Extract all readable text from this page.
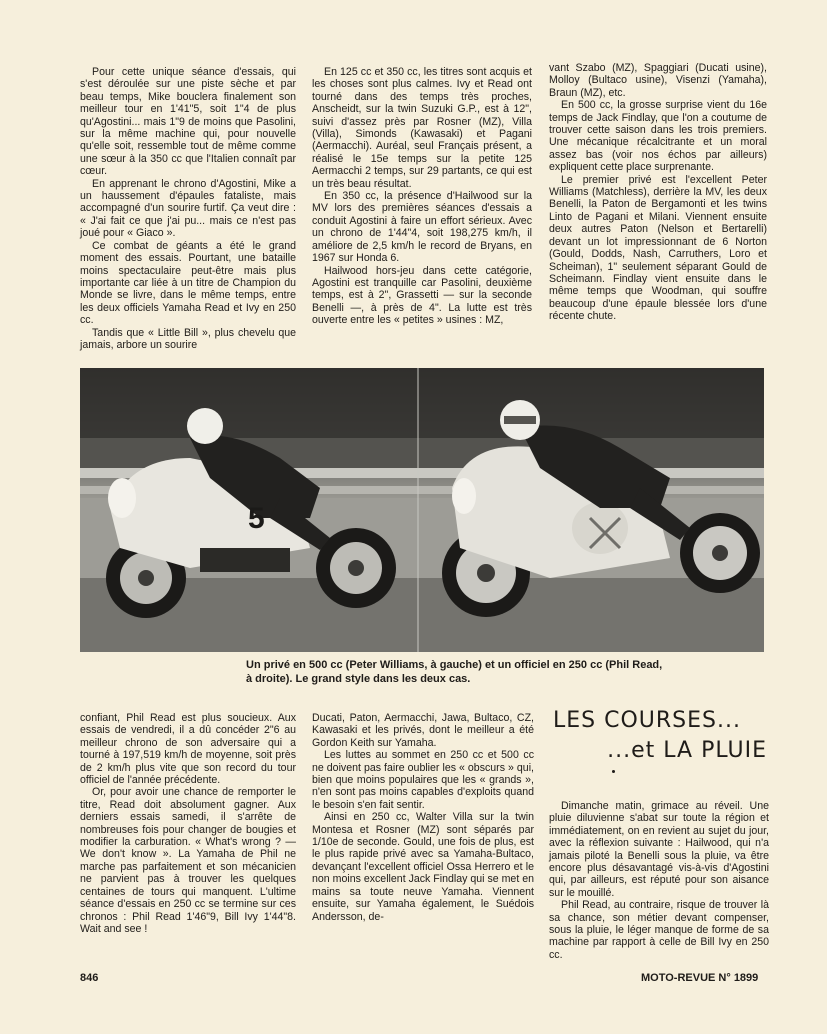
Pour cette unique séance d'essais, qui s'est déroulée sur une piste sèche et par beau temps, Mike bouclera finalement son meilleur tour en 1'41"5, soit 1"4 de plus qu'Agostini... mais 1"9 de moins que Pasolini, sur la même machine qui, pour nouvelle qu'elle soit, ressemble tout de même comme une sœur à la 350 cc que l'Italien connaît par cœur.

En apprenant le chrono d'Agostini, Mike a un haussement d'épaules fataliste, mais accompagné d'un sourire furtif. Ça veut dire : « J'ai fait ce que j'ai pu... mais ce n'est pas joué pour « Giaco ».

Ce combat de géants a été le grand moment des essais. Pourtant, une bataille moins spectaculaire peut-être mais plus importante car liée à un titre de Champion du Monde se livre, dans le même temps, entre les deux officiels Yamaha Read et Ivy en 250 cc.

Tandis que « Little Bill », plus chevelu que jamais, arbore un sourire

En 125 cc et 350 cc, les titres sont acquis et les choses sont plus calmes. Ivy et Read ont tourné dans des temps très proches, Anscheidt, sur la twin Suzuki G.P., est à 12", suivi d'assez près par Rosner (MZ), Villa (Villa), Simonds (Kawasaki) et Pagani (Aermacchi). Auréal, seul Français présent, a réalisé le 15e temps sur la petite 125 Aermacchi 2 temps, sur 29 partants, ce qui est un très beau résultat.

En 350 cc, la présence d'Hailwood sur la MV lors des premières séances d'essais a conduit Agostini à faire un effort sérieux. Avec un chrono de 1'44"4, soit 198,275 km/h, il améliore de 2,5 km/h le record de Bryans, en 1967 sur Honda 6.

Hailwood hors-jeu dans cette catégorie, Agostini est tranquille car Pasolini, deuxième temps, est à 2", Grassetti — sur la seconde Benelli —, à près de 4". La lutte est très ouverte entre les « petites » usines : MZ,

vant Szabo (MZ), Spaggiari (Ducati usine), Molloy (Bultaco usine), Visenzi (Yamaha), Braun (MZ), etc.

En 500 cc, la grosse surprise vient du 16e temps de Jack Findlay, que l'on a coutume de trouver cette saison dans les trois premiers. Une mécanique récalcitrante et un moral assez bas (voir nos échos par ailleurs) expliquent cette place surprenante.

Le premier privé est l'excellent Peter Williams (Matchless), derrière la MV, les deux Benelli, la Paton de Bergamonti et les twins Linto de Pagani et Milani. Viennent ensuite deux autres Paton (Nelson et Bertarelli) devant un lot impressionnant de 6 Norton (Gould, Dodds, Nash, Carruthers, Loro et Scheiman), 1" seulement séparant Gould de Scheimann. Findlay vient ensuite dans le même temps que Woodman, qui souffre beaucoup d'une épaule blessée lors d'une récente chute.

5
Un privé en 500 cc (Peter Williams, à gauche) et un officiel en 250 cc (Phil Read, à droite). Le grand style dans les deux cas.

confiant, Phil Read est plus soucieux. Aux essais de vendredi, il a dû concéder 2"6 au meilleur chrono de son adversaire qui a tourné à 197,519 km/h de moyenne, soit près de 2 km/h plus vite que son record du tour officiel de l'année précédente.

Or, pour avoir une chance de remporter le titre, Read doit absolument gagner. Aux derniers essais samedi, il s'arrête de nombreuses fois pour changer de bougies et modifier la carburation. « What's wrong ? — We don't know ». La Yamaha de Phil ne marche pas parfaitement et son mécanicien ne parvient pas à trouver les quelques centaines de tours qui manquent. L'ultime séance d'essais en 250 cc se termine sur ces chronos : Phil Read 1'46"9, Bill Ivy 1'44"8. Wait and see !

Ducati, Paton, Aermacchi, Jawa, Bultaco, CZ, Kawasaki et les privés, dont le meilleur a été Gordon Keith sur Yamaha.

Les luttes au sommet en 250 cc et 500 cc ne doivent pas faire oublier les « obscurs » qui, bien que moins populaires que les « grands », n'en sont pas moins capables d'exploits quand le besoin s'en fait sentir.

Ainsi en 250 cc, Walter Villa sur la twin Montesa et Rosner (MZ) sont séparés par 1/10e de seconde. Gould, une fois de plus, est le plus rapide privé avec sa Yamaha-Bultaco, devançant l'excellent officiel Ossa Herrero et le non moins excellent Jack Findlay qui se met en mains sa toute neuve Yamaha. Viennent ensuite, sur Yamaha également, le Suédois Andersson, de-

LES COURSES...
...et LA PLUIE

Dimanche matin, grimace au réveil. Une pluie diluvienne s'abat sur toute la région et immédiatement, on en revient au sujet du jour, avec la réflexion suivante : Hailwood, qui n'a jamais piloté la Benelli sous la pluie, va être encore plus désavantagé vis-à-vis d'Agostini qui, par ailleurs, est réputé pour son aisance sur le mouillé.

Phil Read, au contraire, risque de trouver là sa chance, son métier devant compenser, sous la pluie, le léger manque de forme de sa machine par rapport à celle de Bill Ivy en 250 cc.

846	MOTO-REVUE N° 1899
